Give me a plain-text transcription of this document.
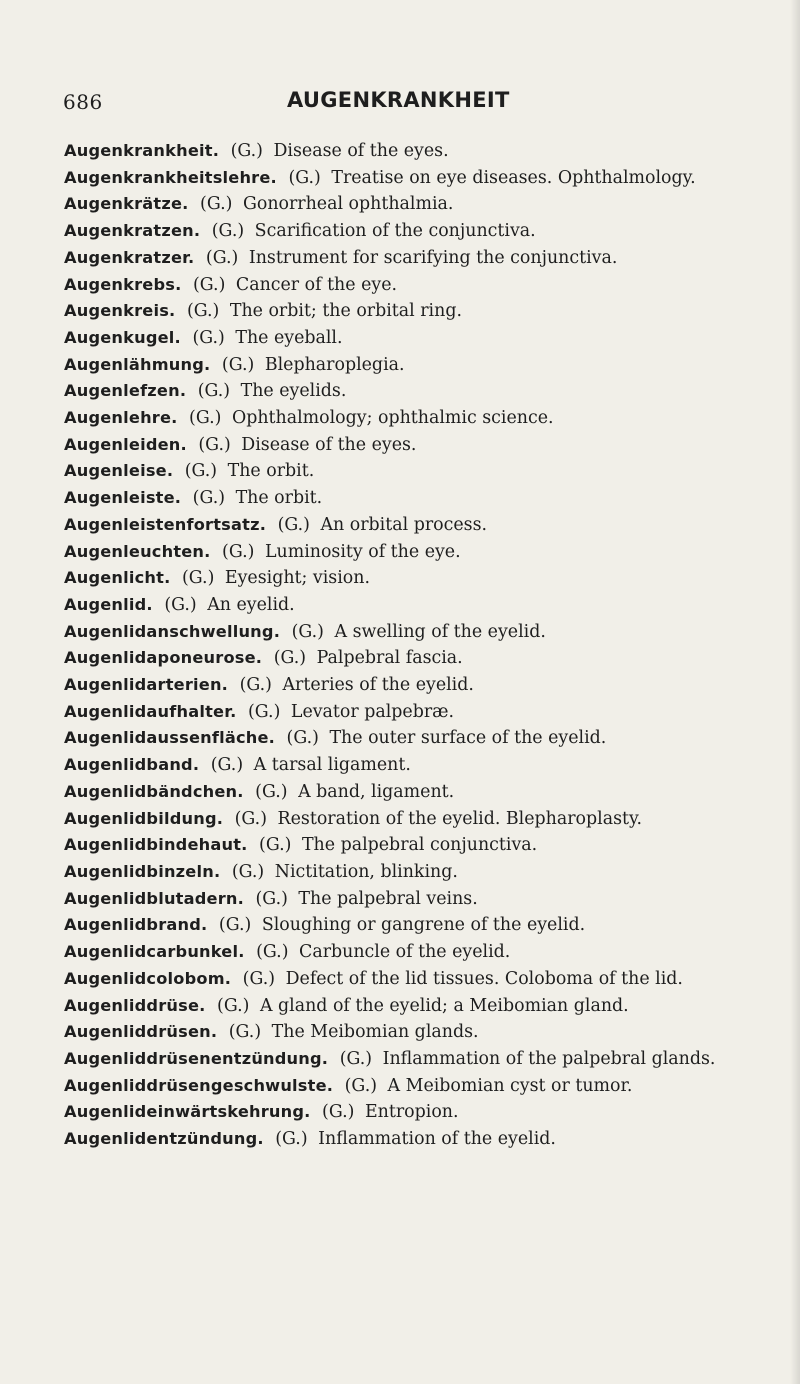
686	AUGENKRANKHEIT

Augenkrankheit. (G.) Disease of the eyes.

Augenkrankheitslehre. (G.) Treatise on eye diseases. Ophthalmology.

Augenkrätze. (G.) Gonorrheal ophthalmia.

Augenkratzen. (G.) Scarification of the conjunctiva.

Augenkratzer. (G.) Instrument for scarifying the conjunctiva.

Augenkrebs. (G.) Cancer of the eye.

Augenkreis. (G.) The orbit; the orbital ring.

Augenkugel. (G.) The eyeball.

Augenlähmung. (G.) Blepharoplegia.

Augenlefzen. (G.) The eyelids.

Augenlehre. (G.) Ophthalmology; ophthalmic science.

Augenleiden. (G.) Disease of the eyes.

Augenleise. (G.) The orbit.

Augenleiste. (G.) The orbit.

Augenleistenfortsatz. (G.) An orbital process.

Augenleuchten. (G.) Luminosity of the eye.

Augenlicht. (G.) Eyesight; vision.

Augenlid. (G.) An eyelid.

Augenlidanschwellung. (G.) A swelling of the eyelid.

Augenlidaponeurose. (G.) Palpebral fascia.

Augenlidarterien. (G.) Arteries of the eyelid.

Augenlidaufhalter. (G.) Levator palpebræ.

Augenlidaussenfläche. (G.) The outer surface of the eyelid.

Augenlidband. (G.) A tarsal ligament.

Augenlidbändchen. (G.) A band, ligament.

Augenlidbildung. (G.) Restoration of the eyelid. Blepharoplasty.

Augenlidbindehaut. (G.) The palpebral conjunctiva.

Augenlidbinzeln. (G.) Nictitation, blinking.

Augenlidblutadern. (G.) The palpebral veins.

Augenlidbrand. (G.) Sloughing or gangrene of the eyelid.

Augenlidcarbunkel. (G.) Carbuncle of the eyelid.

Augenlidcolobom. (G.) Defect of the lid tissues. Coloboma of the lid.

Augenliddrüse. (G.) A gland of the eyelid; a Meibomian gland.

Augenliddrüsen. (G.) The Meibomian glands.

Augenliddrüsenentzündung. (G.) Inflammation of the palpebral glands.

Augenliddrüsengeschwulste. (G.) A Meibomian cyst or tumor.

Augenlideinwärtskehrung. (G.) Entropion.

Augenlidentzündung. (G.) Inflammation of the eyelid.
